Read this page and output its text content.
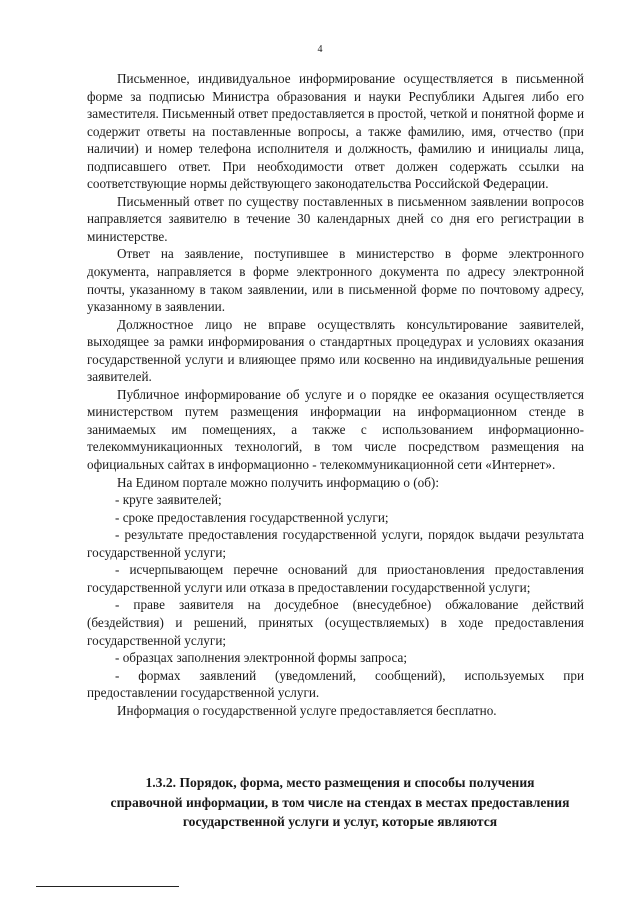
4

Письменное, индивидуальное информирование осуществляется в письменной форме за подписью Министра образования и науки Республики Адыгея либо его заместителя. Письменный ответ предоставляется в простой, четкой и понятной форме и содержит ответы на поставленные вопросы, а также фамилию, имя, отчество (при наличии) и номер телефона исполнителя и должность, фамилию и инициалы лица, подписавшего ответ. При необходимости ответ должен содержать ссылки на соответствующие нормы действующего законодательства Российской Федерации.

Письменный ответ по существу поставленных в письменном заявлении вопросов направляется заявителю в течение 30 календарных дней со дня его регистрации в министерстве.

Ответ на заявление, поступившее в министерство в форме электронного документа, направляется в форме электронного документа по адресу электронной почты, указанному в таком заявлении, или в письменной форме по почтовому адресу, указанному в заявлении.

Должностное лицо не вправе осуществлять консультирование заявителей, выходящее за рамки информирования о стандартных процедурах и условиях оказания государственной услуги и влияющее прямо или косвенно на индивидуальные решения заявителей.

Публичное информирование об услуге и о порядке ее оказания осуществляется министерством путем размещения информации на информационном стенде в занимаемых им помещениях, а также с использованием информационно-телекоммуникационных технологий, в том числе посредством размещения на официальных сайтах в информационно - телекоммуникационной сети «Интернет».

На Едином портале можно получить информацию о (об):

- круге заявителей;

- сроке предоставления государственной услуги;

- результате предоставления государственной услуги, порядок выдачи результата государственной услуги;

- исчерпывающем перечне оснований для приостановления предоставления государственной услуги или отказа в предоставлении государственной услуги;

- праве заявителя на досудебное (внесудебное) обжалование действий (бездействия) и решений, принятых (осуществляемых) в ходе предоставления государственной услуги;

- образцах заполнения электронной формы запроса;

- формах заявлений (уведомлений, сообщений), используемых при предоставлении государственной услуги.

Информация о государственной услуге предоставляется бесплатно.

1.3.2. Порядок, форма, место размещения и способы получения справочной информации, в том числе на стендах в местах предоставления государственной услуги и услуг, которые являются
